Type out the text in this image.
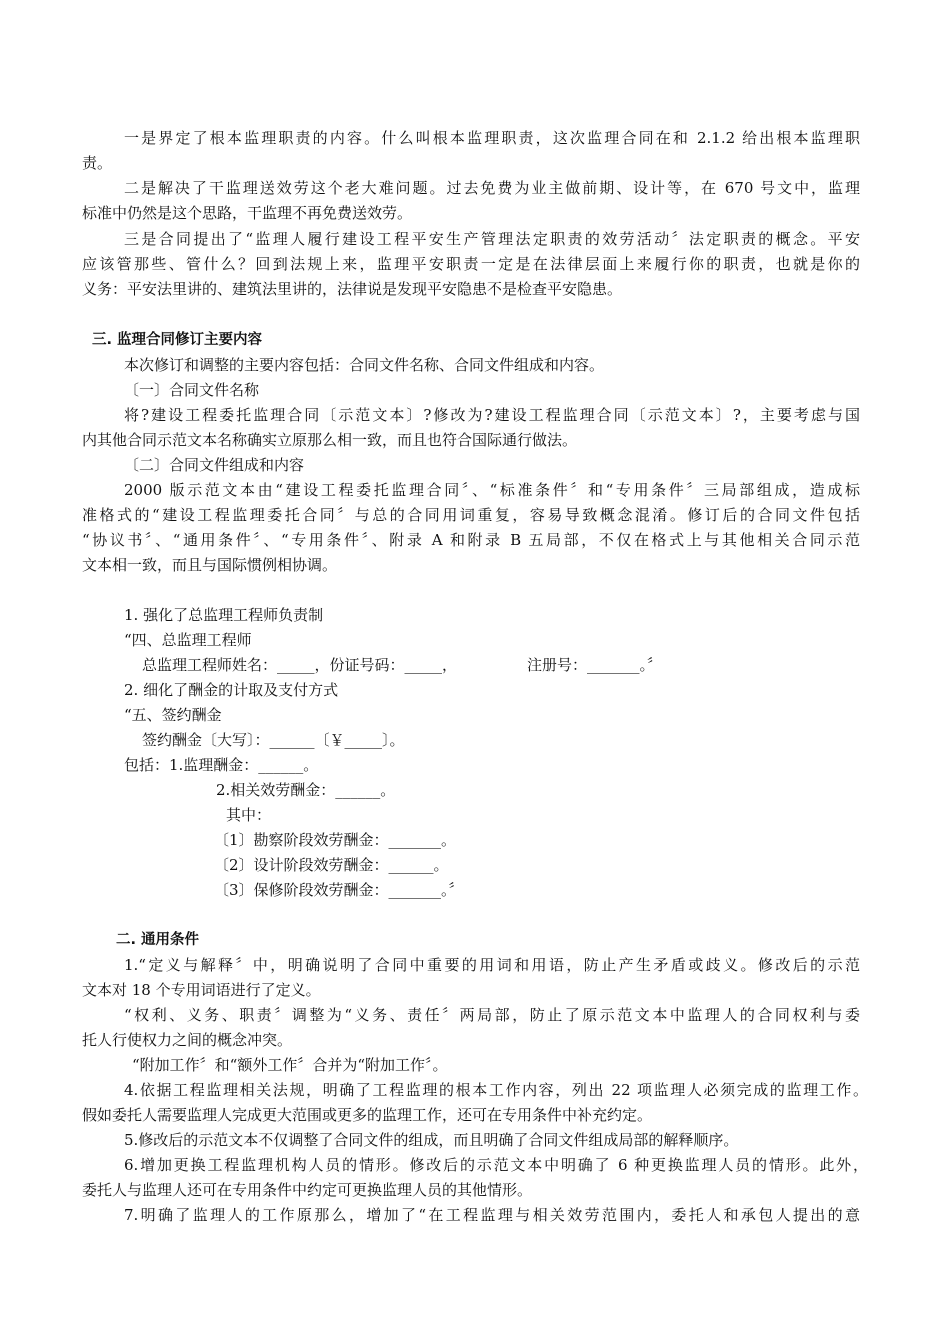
一是界定了根本监理职责的内容。什么叫根本监理职责，这次监理合同在和 2.1.2 给出根本监理职

责。

二是解决了干监理送效劳这个老大难问题。过去免费为业主做前期、设计等，在 670 号文中，监理

标准中仍然是这个思路，干监理不再免费送效劳。

三是合同提出了“监理人履行建设工程平安生产管理法定职责的效劳活动〞法定职责的概念。平安

应该管那些、管什么？回到法规上来，监理平安职责一定是在法律层面上来履行你的职责，也就是你的

义务：平安法里讲的、建筑法里讲的，法律说是发现平安隐患不是检查平安隐患。

三. 监理合同修订主要内容

本次修订和调整的主要内容包括：合同文件名称、合同文件组成和内容。

〔一〕合同文件名称

将?建设工程委托监理合同〔示范文本〕?修改为?建设工程监理合同〔示范文本〕?，主要考虑与国

内其他合同示范文本名称确实立原那么相一致，而且也符合国际通行做法。

〔二〕合同文件组成和内容

2000 版示范文本由“建设工程委托监理合同〞、“标准条件〞和“专用条件〞三局部组成，造成标

准格式的“建设工程监理委托合同〞与总的合同用词重复，容易导致概念混淆。修订后的合同文件包括

“协议书〞、“通用条件〞、“专用条件〞、附录 A 和附录 B 五局部，不仅在格式上与其他相关合同示范

文本相一致，而且与国际惯例相协调。

1. 强化了总监理工程师负责制

“四、总监理工程师

总监理工程师姓名：_____，份证号码：_____，	注册号：_______。〞

2. 细化了酬金的计取及支付方式

“五、签约酬金

签约酬金〔大写〕：______〔￥_____〕。

包括：1.监理酬金：______。

2.相关效劳酬金：______。

其中：

〔1〕勘察阶段效劳酬金：_______。

〔2〕设计阶段效劳酬金：______。

〔3〕保修阶段效劳酬金：_______。〞

二. 通用条件

1.“定义与解释〞中，明确说明了合同中重要的用词和用语，防止产生矛盾或歧义。修改后的示范

文本对 18 个专用词语进行了定义。

“权利、义务、职责〞调整为“义务、责任〞两局部，防止了原示范文本中监理人的合同权利与委

托人行使权力之间的概念冲突。

“附加工作〞和“额外工作〞合并为“附加工作〞。

4.依据工程监理相关法规，明确了工程监理的根本工作内容，列出 22 项监理人必须完成的监理工作。

假如委托人需要监理人完成更大范围或更多的监理工作，还可在专用条件中补充约定。

5.修改后的示范文本不仅调整了合同文件的组成，而且明确了合同文件组成局部的解释顺序。

6.增加更换工程监理机构人员的情形。修改后的示范文本中明确了 6 种更换监理人员的情形。此外，

委托人与监理人还可在专用条件中约定可更换监理人员的其他情形。

7.明确了监理人的工作原那么，增加了“在工程监理与相关效劳范围内，委托人和承包人提出的意
